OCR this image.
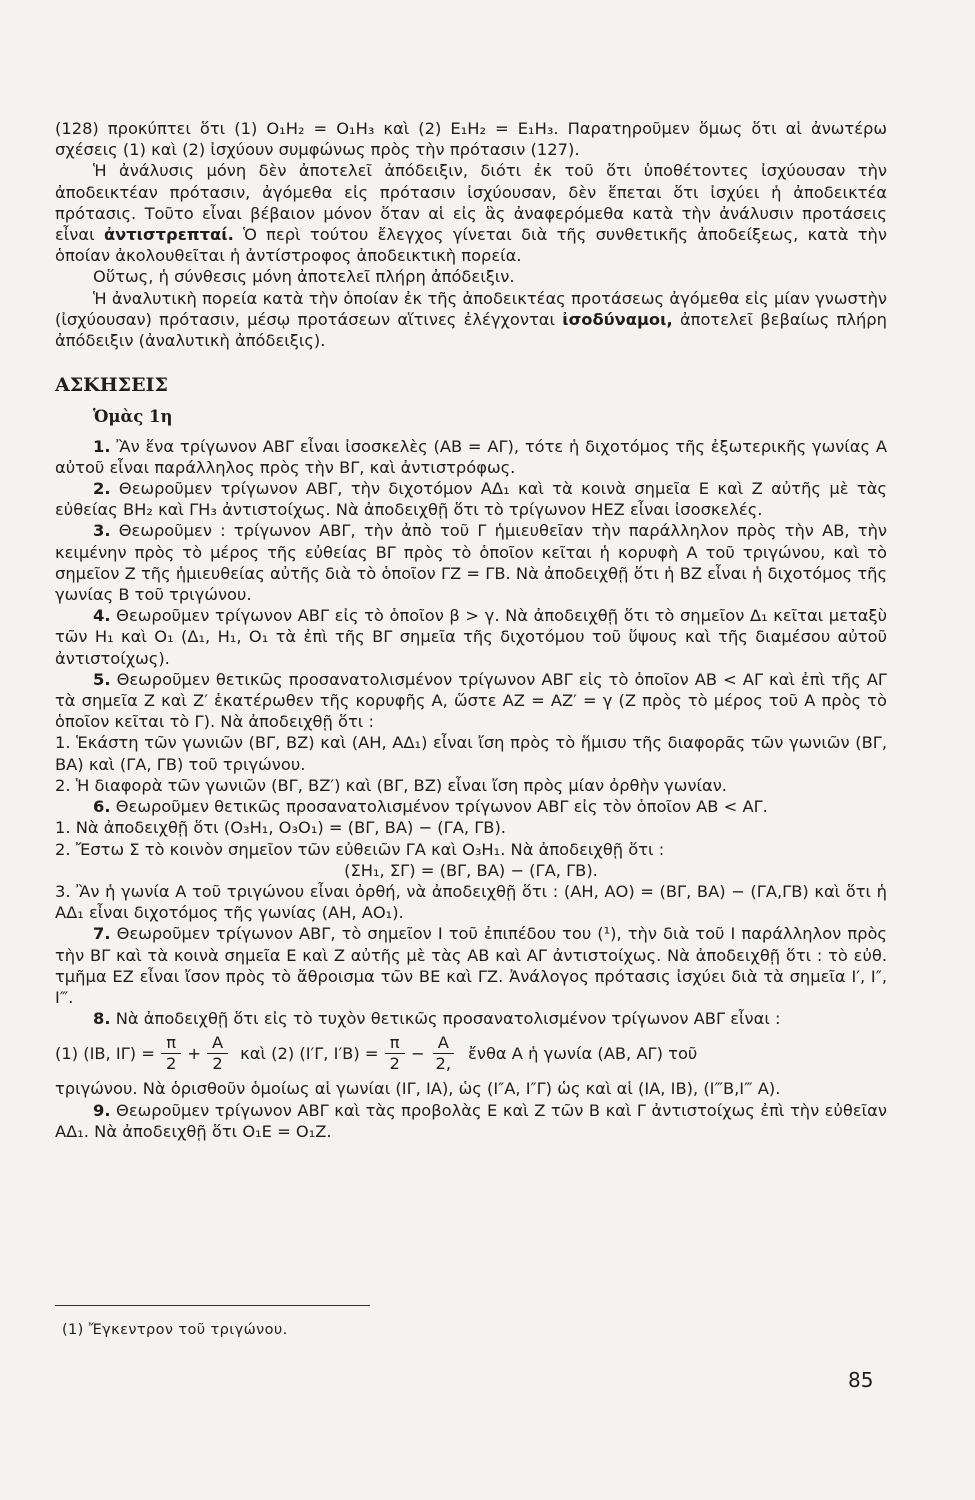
(128) προκύπτει ὅτι (1) O₁H₂ = O₁H₃ καὶ (2) E₁H₂ = E₁H₃. Παρατηροῦμεν ὅμως ὅτι αἱ ἀνωτέρω σχέσεις (1) καὶ (2) ἰσχύουν συμφώνως πρὸς τὴν πρότασιν (127).

Ἡ ἀνάλυσις μόνη δὲν ἀποτελεῖ ἀπόδειξιν, διότι ἐκ τοῦ ὅτι ὑποθέτοντες ἰσχύουσαν τὴν ἀποδεικτέαν πρότασιν, ἀγόμεθα εἰς πρότασιν ἰσχύουσαν, δὲν ἕπεται ὅτι ἰσχύει ἡ ἀποδεικτέα πρότασις. Τοῦτο εἶναι βέβαιον μόνον ὅταν αἱ εἰς ἃς ἀναφερόμεθα κατὰ τὴν ἀνάλυσιν προτάσεις εἶναι ἀντιστρεπταί. Ὁ περὶ τούτου ἔλεγχος γίνεται διὰ τῆς συνθετικῆς ἀποδείξεως, κατὰ τὴν ὁποίαν ἀκολουθεῖται ἡ ἀντίστροφος ἀποδεικτικὴ πορεία.

Οὕτως, ἡ σύνθεσις μόνη ἀποτελεῖ πλήρη ἀπόδειξιν.

Ἡ ἀναλυτικὴ πορεία κατὰ τὴν ὁποίαν ἐκ τῆς ἀποδεικτέας προτάσεως ἀγόμεθα εἰς μίαν γνωστὴν (ἰσχύουσαν) πρότασιν, μέσῳ προτάσεων αἵτινες ἐλέγχονται ἰσοδύναμοι, ἀποτελεῖ βεβαίως πλήρη ἀπόδειξιν (ἀναλυτικὴ ἀπόδειξις).

ΑΣΚΗΣΕΙΣ
Ὁμὰς 1η

1. Ἂν ἕνα τρίγωνον ΑΒΓ εἶναι ἰσοσκελὲς (ΑΒ = ΑΓ), τότε ἡ διχοτόμος τῆς ἐξωτερικῆς γωνίας Α αὐτοῦ εἶναι παράλληλος πρὸς τὴν ΒΓ, καὶ ἀντιστρόφως.

2. Θεωροῦμεν τρίγωνον ΑΒΓ, τὴν διχοτόμον ΑΔ₁ καὶ τὰ κοινὰ σημεῖα Ε καὶ Ζ αὐτῆς μὲ τὰς εὐθείας ΒΗ₂ καὶ ΓΗ₃ ἀντιστοίχως. Νὰ ἀποδειχθῇ ὅτι τὸ τρίγωνον ΗΕΖ εἶναι ἰσοσκελές.

3. Θεωροῦμεν : τρίγωνον ΑΒΓ, τὴν ἀπὸ τοῦ Γ ἡμιευθεῖαν τὴν παράλληλον πρὸς τὴν ΑΒ, τὴν κειμένην πρὸς τὸ μέρος τῆς εὐθείας ΒΓ πρὸς τὸ ὁποῖον κεῖται ἡ κορυφὴ Α τοῦ τριγώνου, καὶ τὸ σημεῖον Ζ τῆς ἡμιευθείας αὐτῆς διὰ τὸ ὁποῖον ΓΖ = ΓΒ. Νὰ ἀποδειχθῇ ὅτι ἡ ΒΖ εἶναι ἡ διχοτόμος τῆς γωνίας Β τοῦ τριγώνου.

4. Θεωροῦμεν τρίγωνον ΑΒΓ εἰς τὸ ὁποῖον β > γ. Νὰ ἀποδειχθῇ ὅτι τὸ σημεῖον Δ₁ κεῖται μεταξὺ τῶν Η₁ καὶ Ο₁ (Δ₁, Η₁, Ο₁ τὰ ἐπὶ τῆς ΒΓ σημεῖα τῆς διχοτόμου τοῦ ὕψους καὶ τῆς διαμέσου αὐτοῦ ἀντιστοίχως).

5. Θεωροῦμεν θετικῶς προσανατολισμένον τρίγωνον ΑΒΓ εἰς τὸ ὁποῖον ΑΒ < ΑΓ καὶ ἐπὶ τῆς ΑΓ τὰ σημεῖα Ζ καὶ Ζ′ ἑκατέρωθεν τῆς κορυφῆς Α, ὥστε ΑΖ = ΑΖ′ = γ (Ζ πρὸς τὸ μέρος τοῦ Α πρὸς τὸ ὁποῖον κεῖται τὸ Γ). Νὰ ἀποδειχθῇ ὅτι :

1. Ἑκάστη τῶν γωνιῶν (ΒΓ, ΒΖ) καὶ (ΑΗ, ΑΔ₁) εἶναι ἴση πρὸς τὸ ἥμισυ τῆς διαφορᾶς τῶν γωνιῶν (ΒΓ, ΒΑ) καὶ (ΓΑ, ΓΒ) τοῦ τριγώνου.

2. Ἡ διαφορὰ τῶν γωνιῶν (ΒΓ, ΒΖ′) καὶ (ΒΓ, ΒΖ) εἶναι ἴση πρὸς μίαν ὀρθὴν γωνίαν.

6. Θεωροῦμεν θετικῶς προσανατολισμένον τρίγωνον ΑΒΓ εἰς τὸν ὁποῖον ΑΒ < ΑΓ.

1. Νὰ ἀποδειχθῇ ὅτι (Ο₃Η₁, Ο₃Ο₁) = (ΒΓ, ΒΑ) − (ΓΑ, ΓΒ).

2. Ἔστω Σ τὸ κοινὸν σημεῖον τῶν εὐθειῶν ΓΑ καὶ Ο₃Η₁. Νὰ ἀποδειχθῇ ὅτι :

(ΣΗ₁, ΣΓ) = (ΒΓ, ΒΑ) − (ΓΑ, ΓΒ).

3. Ἂν ἡ γωνία Α τοῦ τριγώνου εἶναι ὀρθή, νὰ ἀποδειχθῇ ὅτι : (ΑΗ, ΑΟ) = (ΒΓ, ΒΑ) − (ΓΑ,ΓΒ) καὶ ὅτι ἡ ΑΔ₁ εἶναι διχοτόμος τῆς γωνίας (ΑΗ, ΑΟ₁).

7. Θεωροῦμεν τρίγωνον ΑΒΓ, τὸ σημεῖον Ι τοῦ ἐπιπέδου του (¹), τὴν διὰ τοῦ Ι παράλληλον πρὸς τὴν ΒΓ καὶ τὰ κοινὰ σημεῖα Ε καὶ Ζ αὐτῆς μὲ τὰς ΑΒ καὶ ΑΓ ἀντιστοίχως. Νὰ ἀποδειχθῇ ὅτι : τὸ εὐθ. τμῆμα ΕΖ εἶναι ἴσον πρὸς τὸ ἄθροισμα τῶν ΒΕ καὶ ΓΖ. Ἀνάλογος πρότασις ἰσχύει διὰ τὰ σημεῖα Ι′, Ι″, Ι‴.

8. Νὰ ἀποδειχθῇ ὅτι εἰς τὸ τυχὸν θετικῶς προσανατολισμένον τρίγωνον ΑΒΓ εἶναι :

(1) (ΙΒ, $I\Gamma) = \frac{\pi}{2} + \frac{A}{2}$ καὶ (2) (Ι′Γ, $I'B) = \frac{\pi}{2} - \frac{A}{2,}$ ἔνθα Α ἡ γωνία (ΑΒ, ΑΓ) τοῦ

τριγώνου. Νὰ ὁρισθοῦν ὁμοίως αἱ γωνίαι (ΙΓ, ΙΑ), ὡς (Ι″Α, Ι″Γ) ὡς καὶ αἱ (ΙΑ, ΙΒ), (Ι‴Β,Ι‴ Α).

9. Θεωροῦμεν τρίγωνον ΑΒΓ καὶ τὰς προβολὰς Ε καὶ Ζ τῶν Β καὶ Γ ἀντιστοίχως ἐπὶ τὴν εὐθεῖαν ΑΔ₁. Νὰ ἀποδειχθῇ ὅτι Ο₁Ε = Ο₁Ζ.

(1) Ἔγκεντρον τοῦ τριγώνου.
85
